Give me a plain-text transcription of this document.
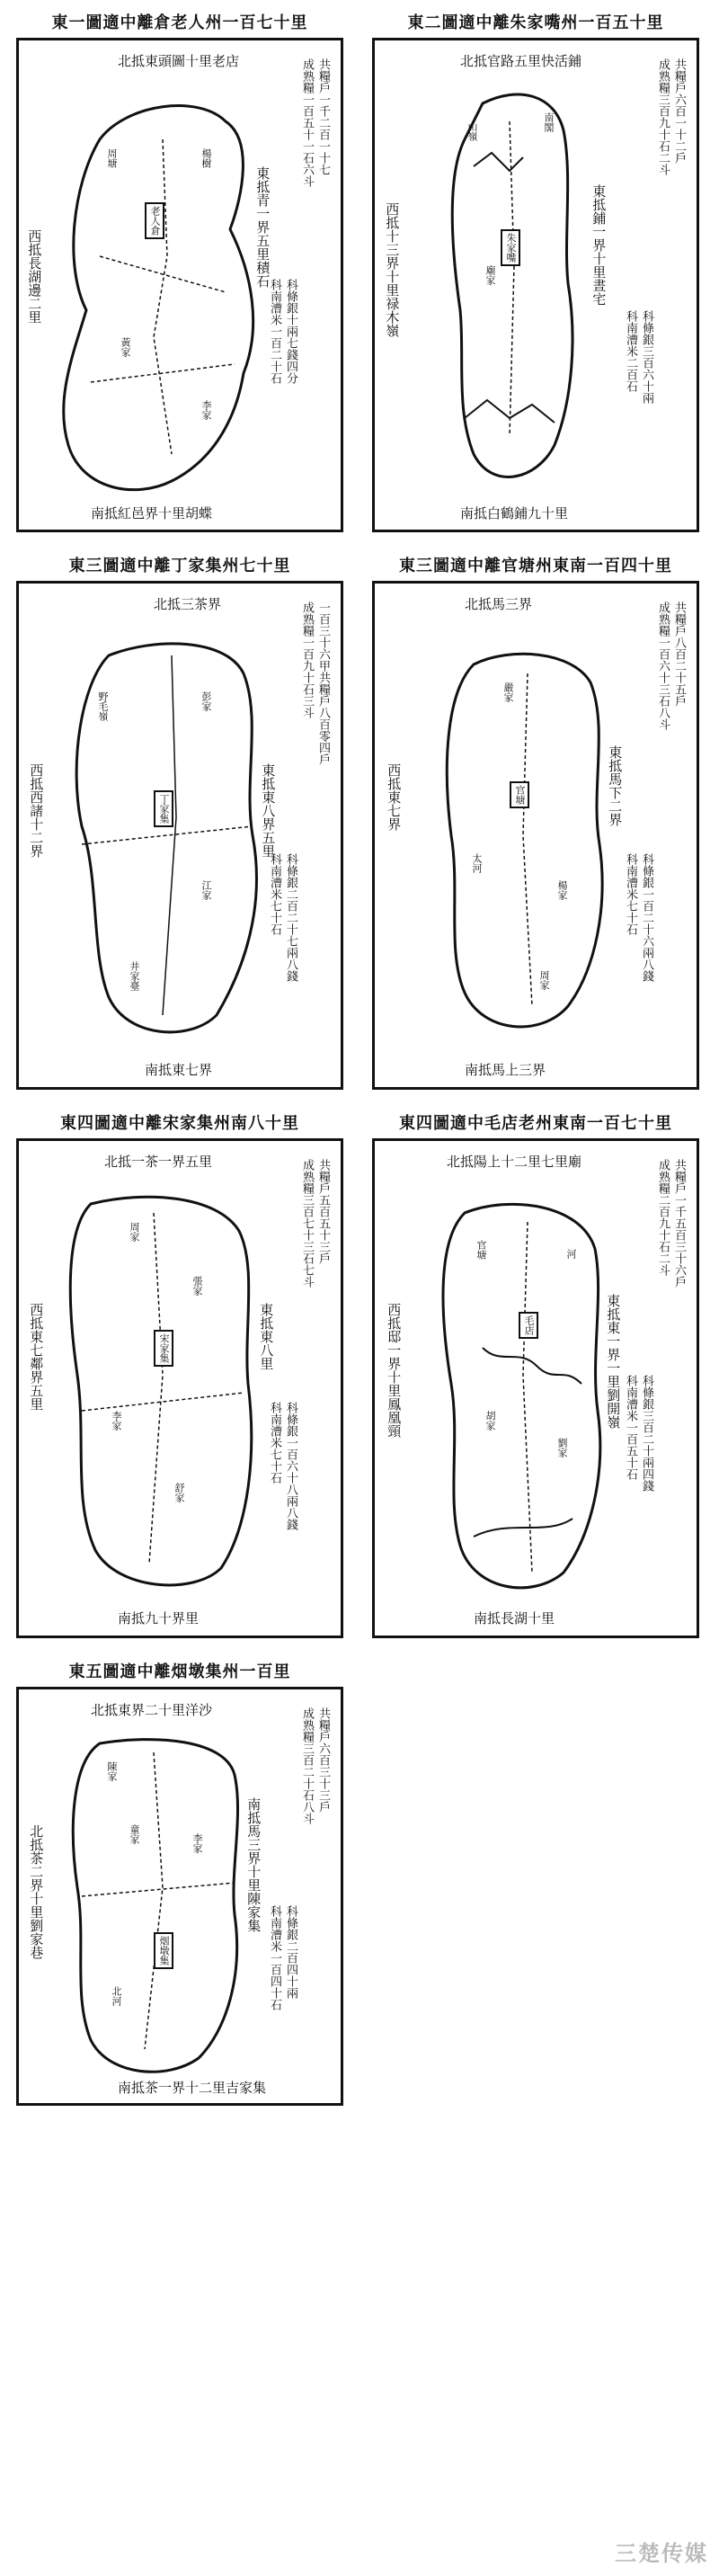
東一圖適中離倉老人州一百七十里
北抵東頭圖十里老店
南抵紅邑界十里胡蝶
西抵長湖邊二里	東抵青一界五里積石
共糧戶一千二百一十七
成熟糧一百五十一石六斗
科條銀十兩七錢四分
科南漕米一百二十石
老人倉
周塘	楊樹
黃家
李家
東二圖適中離朱家嘴州一百五十里
北抵官路五里快活鋪
南抵白鶴鋪九十里
西抵十三界十里禄木嶺	東抵鋪一界十里晝宅
共糧戶六百一十二戶
成熟糧三百九十石二斗
科條銀三百六十兩
科南漕米二百石
朱家嘴
山嶺
廟家
南閣
東三圖適中離丁家集州七十里
北抵三茶界
南抵東七界
西抵西諸十二界	東抵東八界五里
一百三十六甲共糧戶八百零四戶
成熟糧一百九十石三斗
科條銀二百二十七兩八錢
科南漕米七十石
丁家集
野毛嶺	彭家
江家
井家臺
東三圖適中離官塘州東南一百四十里
北抵馬三界
南抵馬上三界
西抵東七界	東抵馬下二界
共糧戶八百二十五戶
成熟糧一百六十三石八斗
科條銀一百二十六兩八錢
科南漕米七十石
官塘
嚴家
太河
楊家
周家
東四圖適中離宋家集州南八十里
北抵一茶一界五里
南抵九十界里
西抵東七鄰界五里	東抵東八里
共糧戶五百五十三戶
成熟糧三百七十三石七斗
科條銀一百六十八兩八錢
科南漕米七十石
宋家集
周家
李家
張家
舒家
東四圖適中毛店老州東南一百七十里
北抵陽上十二里七里廟
南抵長湖十里
西抵邸一界十里鳳凰頸	東抵東一界一里劉開嶺
共糧戶一千五百三十六戶
成熟糧二百九十石二斗
科條銀三百二十兩四錢
科南漕米一百五十石
毛店
官塘
胡家
劉家
河
東五圖適中離烟墩集州一百里
北抵東界二十里洋沙
南抵茶一界十二里吉家集
北抵茶二界十里劉家巷	南抵馬三界十里陳家集
共糧戶六百三十三戶
成熟糧三百二十石八斗
科條銀二百四十兩
科南漕米一百四十石
烟墩集
陳家
童家	李家
北河
三楚传媒
